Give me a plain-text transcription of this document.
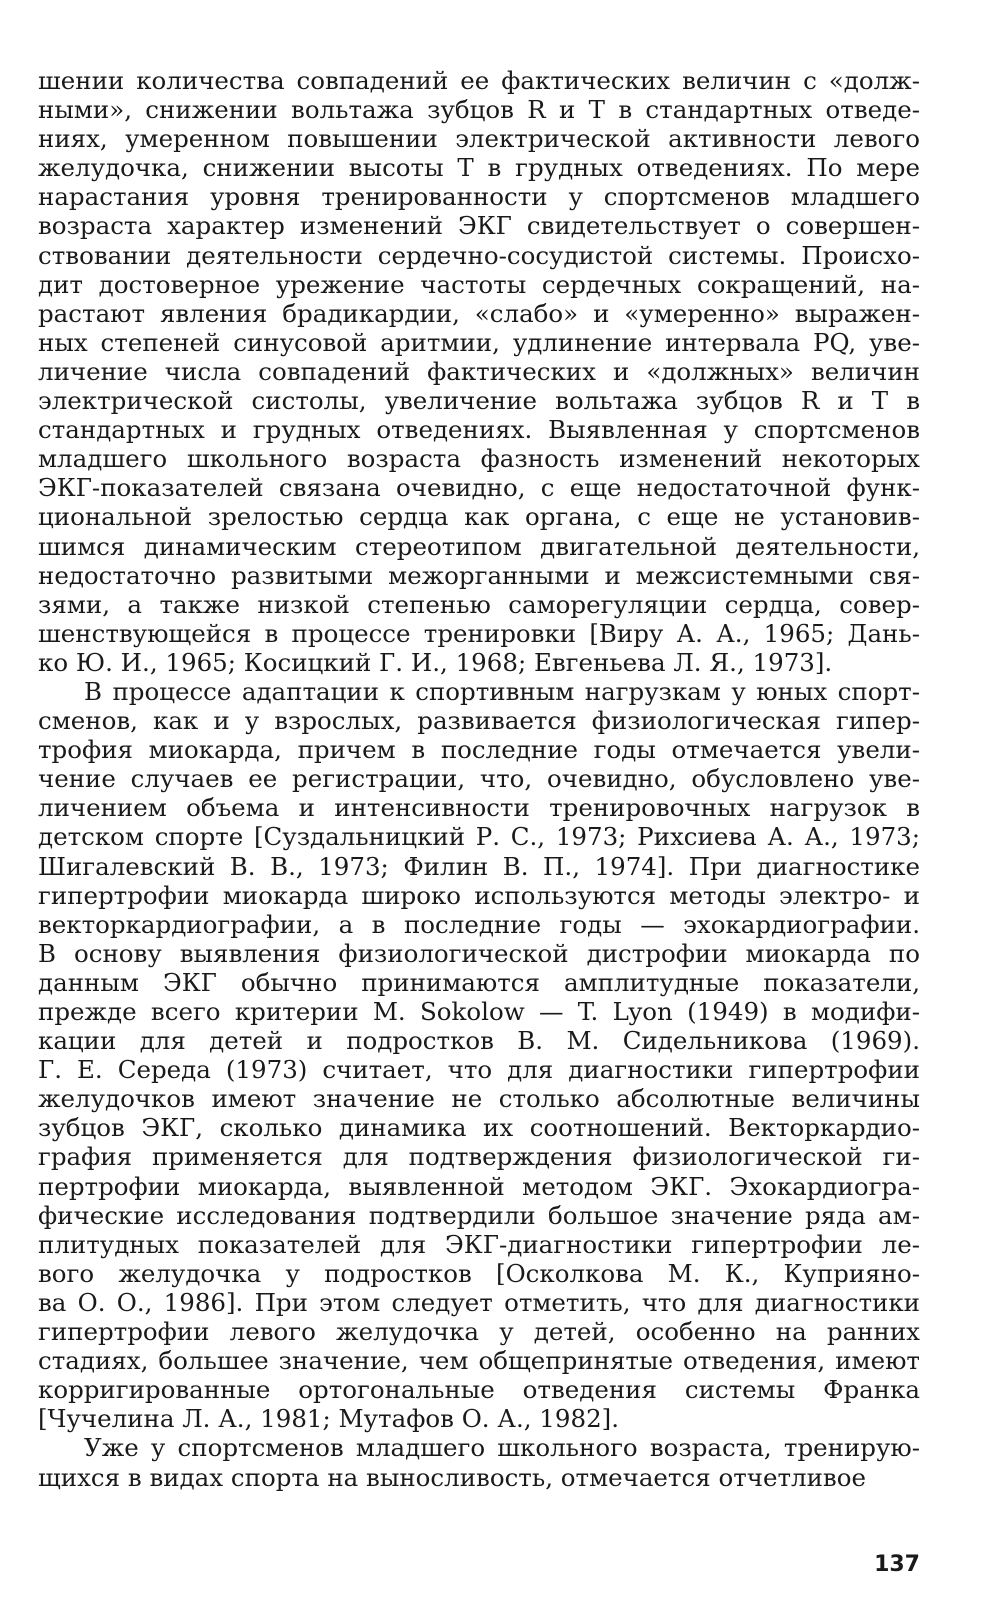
шении количества совпадений ее фактических величин с «долж-
ными», снижении вольтажа зубцов R и T в стандартных отведе-
ниях, умеренном повышении электрической активности левого
желудочка, снижении высоты T в грудных отведениях. По мере
нарастания уровня тренированности у спортсменов младшего
возраста характер изменений ЭКГ свидетельствует о совершен-
ствовании деятельности сердечно-сосудистой системы. Происхо-
дит достоверное урежение частоты сердечных сокращений, на-
растают явления брадикардии, «слабо» и «умеренно» выражен-
ных степеней синусовой аритмии, удлинение интервала PQ, уве-
личение числа совпадений фактических и «должных» величин
электрической систолы, увеличение вольтажа зубцов R и T в
стандартных и грудных отведениях. Выявленная у спортсменов
младшего школьного возраста фазность изменений некоторых
ЭКГ-показателей связана очевидно, с еще недостаточной функ-
циональной зрелостью сердца как органа, с еще не установив-
шимся динамическим стереотипом двигательной деятельности,
недостаточно развитыми межорганными и межсистемными свя-
зями, а также низкой степенью саморегуляции сердца, совер-
шенствующейся в процессе тренировки [Виру А. А., 1965; Дань-
ко Ю. И., 1965; Косицкий Г. И., 1968; Евгеньева Л. Я., 1973].
В процессе адаптации к спортивным нагрузкам у юных спорт-
сменов, как и у взрослых, развивается физиологическая гипер-
трофия миокарда, причем в последние годы отмечается увели-
чение случаев ее регистрации, что, очевидно, обусловлено уве-
личением объема и интенсивности тренировочных нагрузок в
детском спорте [Суздальницкий Р. С., 1973; Рихсиева А. А., 1973;
Шигалевский В. В., 1973; Филин В. П., 1974]. При диагностике
гипертрофии миокарда широко используются методы электро- и
векторкардиографии, а в последние годы — эхокардиографии.
В основу выявления физиологической дистрофии миокарда по
данным ЭКГ обычно принимаются амплитудные показатели,
прежде всего критерии M. Sokolow — T. Lyon (1949) в модифи-
кации для детей и подростков В. М. Сидельникова (1969).
Г. Е. Середа (1973) считает, что для диагностики гипертрофии
желудочков имеют значение не столько абсолютные величины
зубцов ЭКГ, сколько динамика их соотношений. Векторкардио-
графия применяется для подтверждения физиологической ги-
пертрофии миокарда, выявленной методом ЭКГ. Эхокардиогра-
фические исследования подтвердили большое значение ряда ам-
плитудных показателей для ЭКГ-диагностики гипертрофии ле-
вого желудочка у подростков [Осколкова М. К., Куприяно-
ва О. О., 1986]. При этом следует отметить, что для диагностики
гипертрофии левого желудочка у детей, особенно на ранних
стадиях, большее значение, чем общепринятые отведения, имеют
корригированные ортогональные отведения системы Франка
[Чучелина Л. А., 1981; Мутафов О. А., 1982].
Уже у спортсменов младшего школьного возраста, тренирую-
щихся в видах спорта на выносливость, отмечается отчетливое
137
